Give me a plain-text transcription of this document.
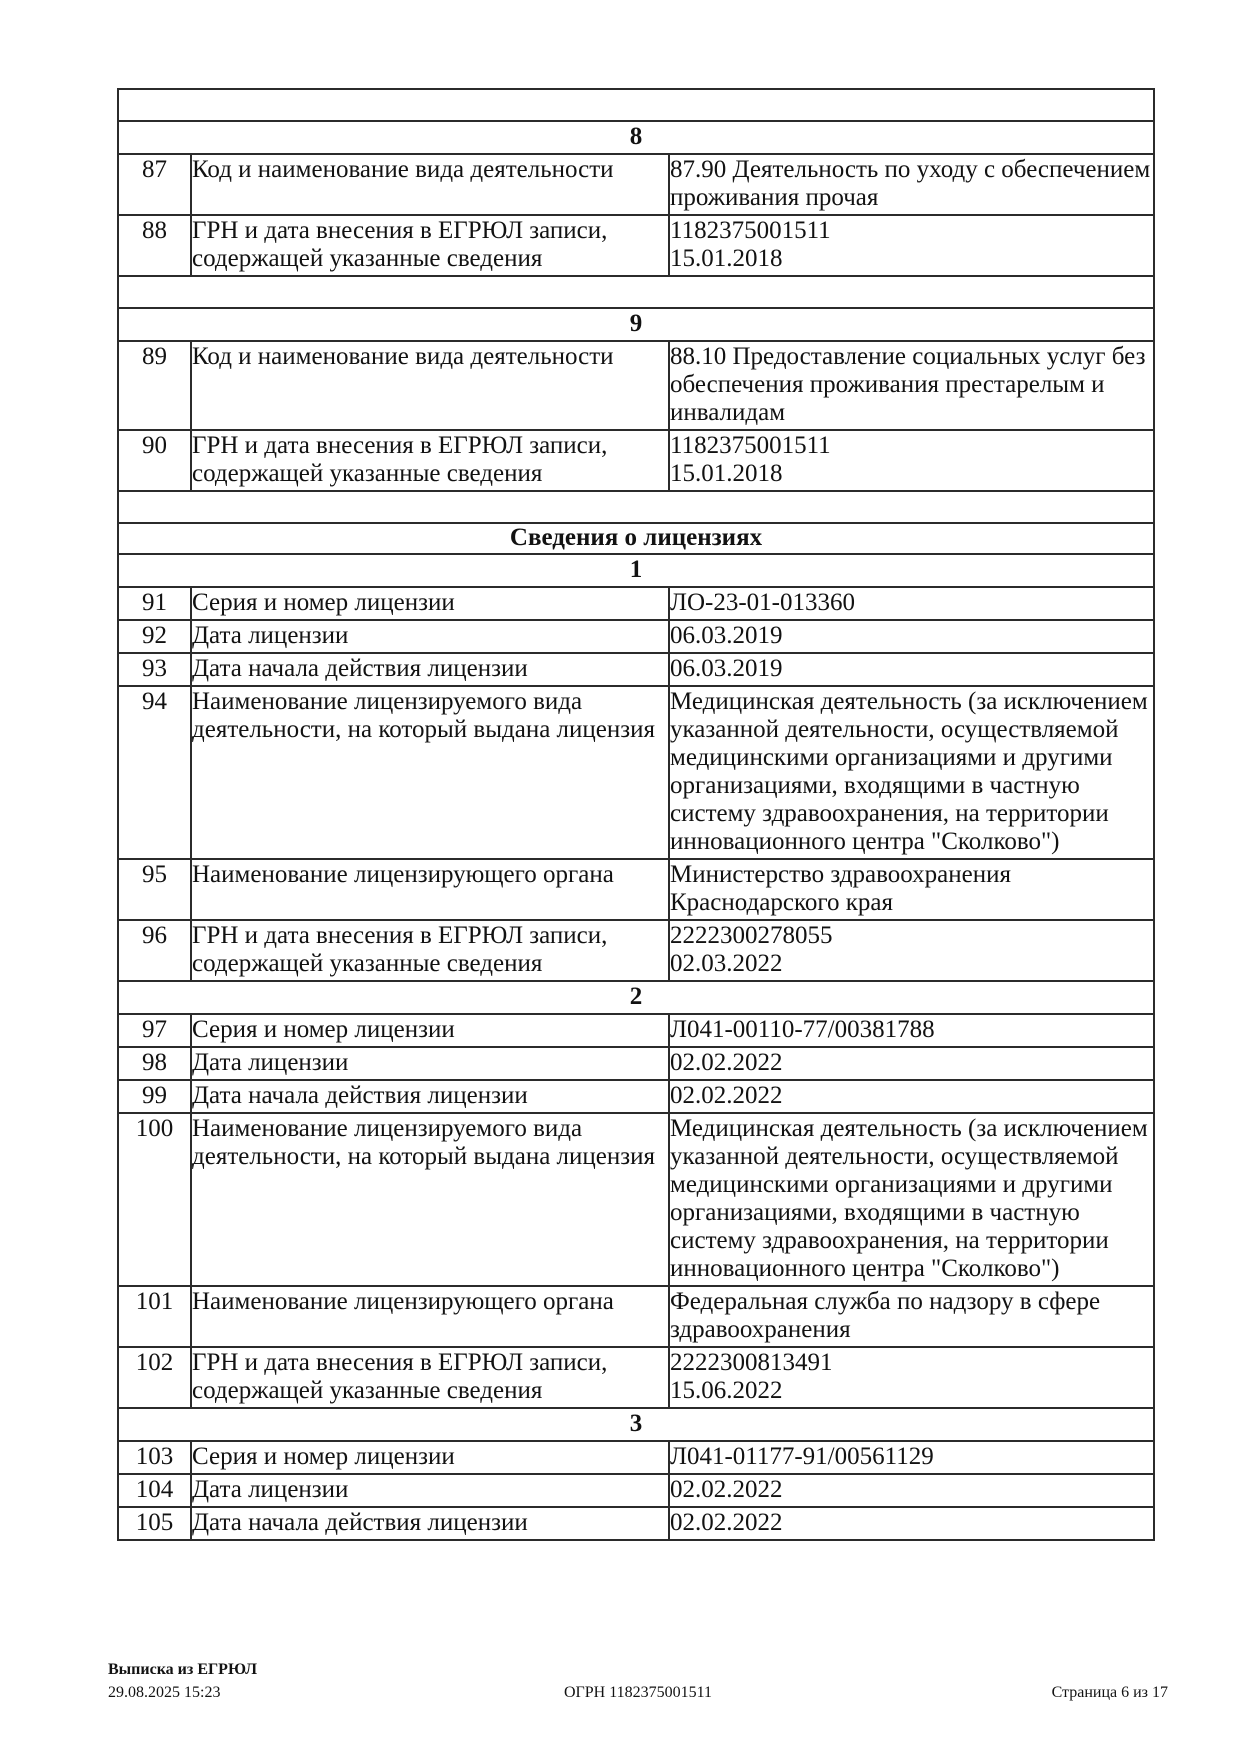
8		
87	Код и наименование вида деятельности	87.90 Деятельность по уходу с обеспечением проживания прочая
88	ГРН и дата внесения в ЕГРЮЛ записи, содержащей указанные сведения	1182375001511
15.01.2018

9		
89	Код и наименование вида деятельности	88.10 Предоставление социальных услуг без обеспечения проживания престарелым и инвалидам
90	ГРН и дата внесения в ЕГРЮЛ записи, содержащей указанные сведения	1182375001511
15.01.2018

Сведения о лицензиях		
1		
91	Серия и номер лицензии	ЛО-23-01-013360
92	Дата лицензии	06.03.2019
93	Дата начала действия лицензии	06.03.2019
94	Наименование лицензируемого вида деятельности, на который выдана лицензия	Медицинская деятельность (за исключением указанной деятельности, осуществляемой медицинскими организациями и другими организациями, входящими в частную систему здравоохранения, на территории инновационного центра "Сколково")
95	Наименование лицензирующего органа	Министерство здравоохранения Краснодарского края
96	ГРН и дата внесения в ЕГРЮЛ записи, содержащей указанные сведения	2222300278055
02.03.2022

2		
97	Серия и номер лицензии	Л041-00110-77/00381788
98	Дата лицензии	02.02.2022
99	Дата начала действия лицензии	02.02.2022
100	Наименование лицензируемого вида деятельности, на который выдана лицензия	Медицинская деятельность (за исключением указанной деятельности, осуществляемой медицинскими организациями и другими организациями, входящими в частную систему здравоохранения, на территории инновационного центра "Сколково")
101	Наименование лицензирующего органа	Федеральная служба по надзору в сфере здравоохранения
102	ГРН и дата внесения в ЕГРЮЛ записи, содержащей указанные сведения	2222300813491
15.06.2022

3		
103	Серия и номер лицензии	Л041-01177-91/00561129
104	Дата лицензии	02.02.2022
105	Дата начала действия лицензии	02.02.2022
Выписка из ЕГРЮЛ
29.08.2025 15:23	ОГРН 1182375001511	Страница 6 из 17
